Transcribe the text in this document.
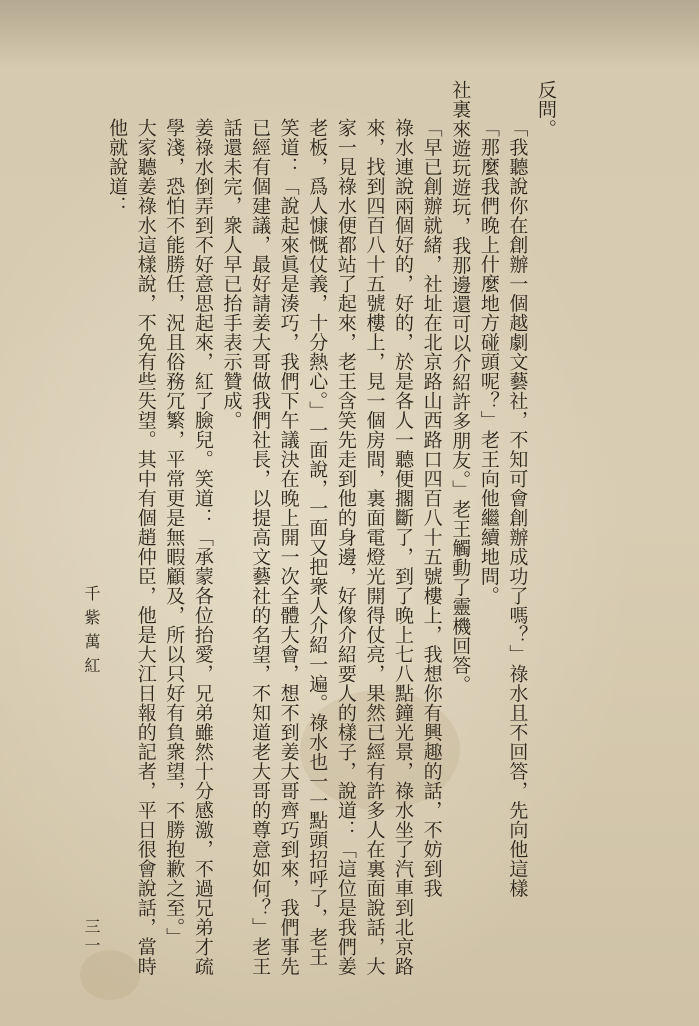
反問。

「我聽說你在創辦一個越劇文藝社，不知可會創辦成功了嗎？」祿水且不回答，先向他這樣

「那麼我們晚上什麼地方碰頭呢？」老王向他繼續地問。

社裏來遊玩遊玩，我那邊還可以介紹許多朋友。」老王觸動了靈機回答。

「早已創辦就緒，社址在北京路山西路口四百八十五號樓上，我想你有興趣的話，不妨到我

祿水連說兩個好的，好的，於是各人一聽便擱斷了，到了晚上七八點鐘光景，祿水坐了汽車到北京路來，找到四百八十五號樓上，見一個房間，裏面電燈光開得仗亮，果然已經有許多人在裏面說話，大家一見祿水便都站了起來，老王含笑先走到他的身邊，好像介紹要人的樣子，說道：「這位是我們姜老板，爲人慷慨仗義，十分熱心。」一面說，一面又把衆人介紹一遍。祿水也一一點頭招呼了，老王笑道：「說起來眞是湊巧，我們下午議決在晚上開一次全體大會，想不到姜大哥齊巧到來，我們事先已經有個建議，最好請姜大哥做我們社長，以提高文藝社的名望，不知道老大哥的尊意如何？」老王話還未完，衆人早已抬手表示贊成。

姜祿水倒弄到不好意思起來，紅了臉兒。笑道：「承蒙各位抬愛，兄弟雖然十分感激，不過兄弟才疏學淺，恐怕不能勝任，況且俗務冗繁，平常更是無暇顧及，所以只好有負衆望，不勝抱歉之至。」

大家聽姜祿水這樣說，不免有些失望。其中有個趙仲臣，他是大江日報的記者，平日很會說話，當時他就說道：

千紫萬紅
三一
